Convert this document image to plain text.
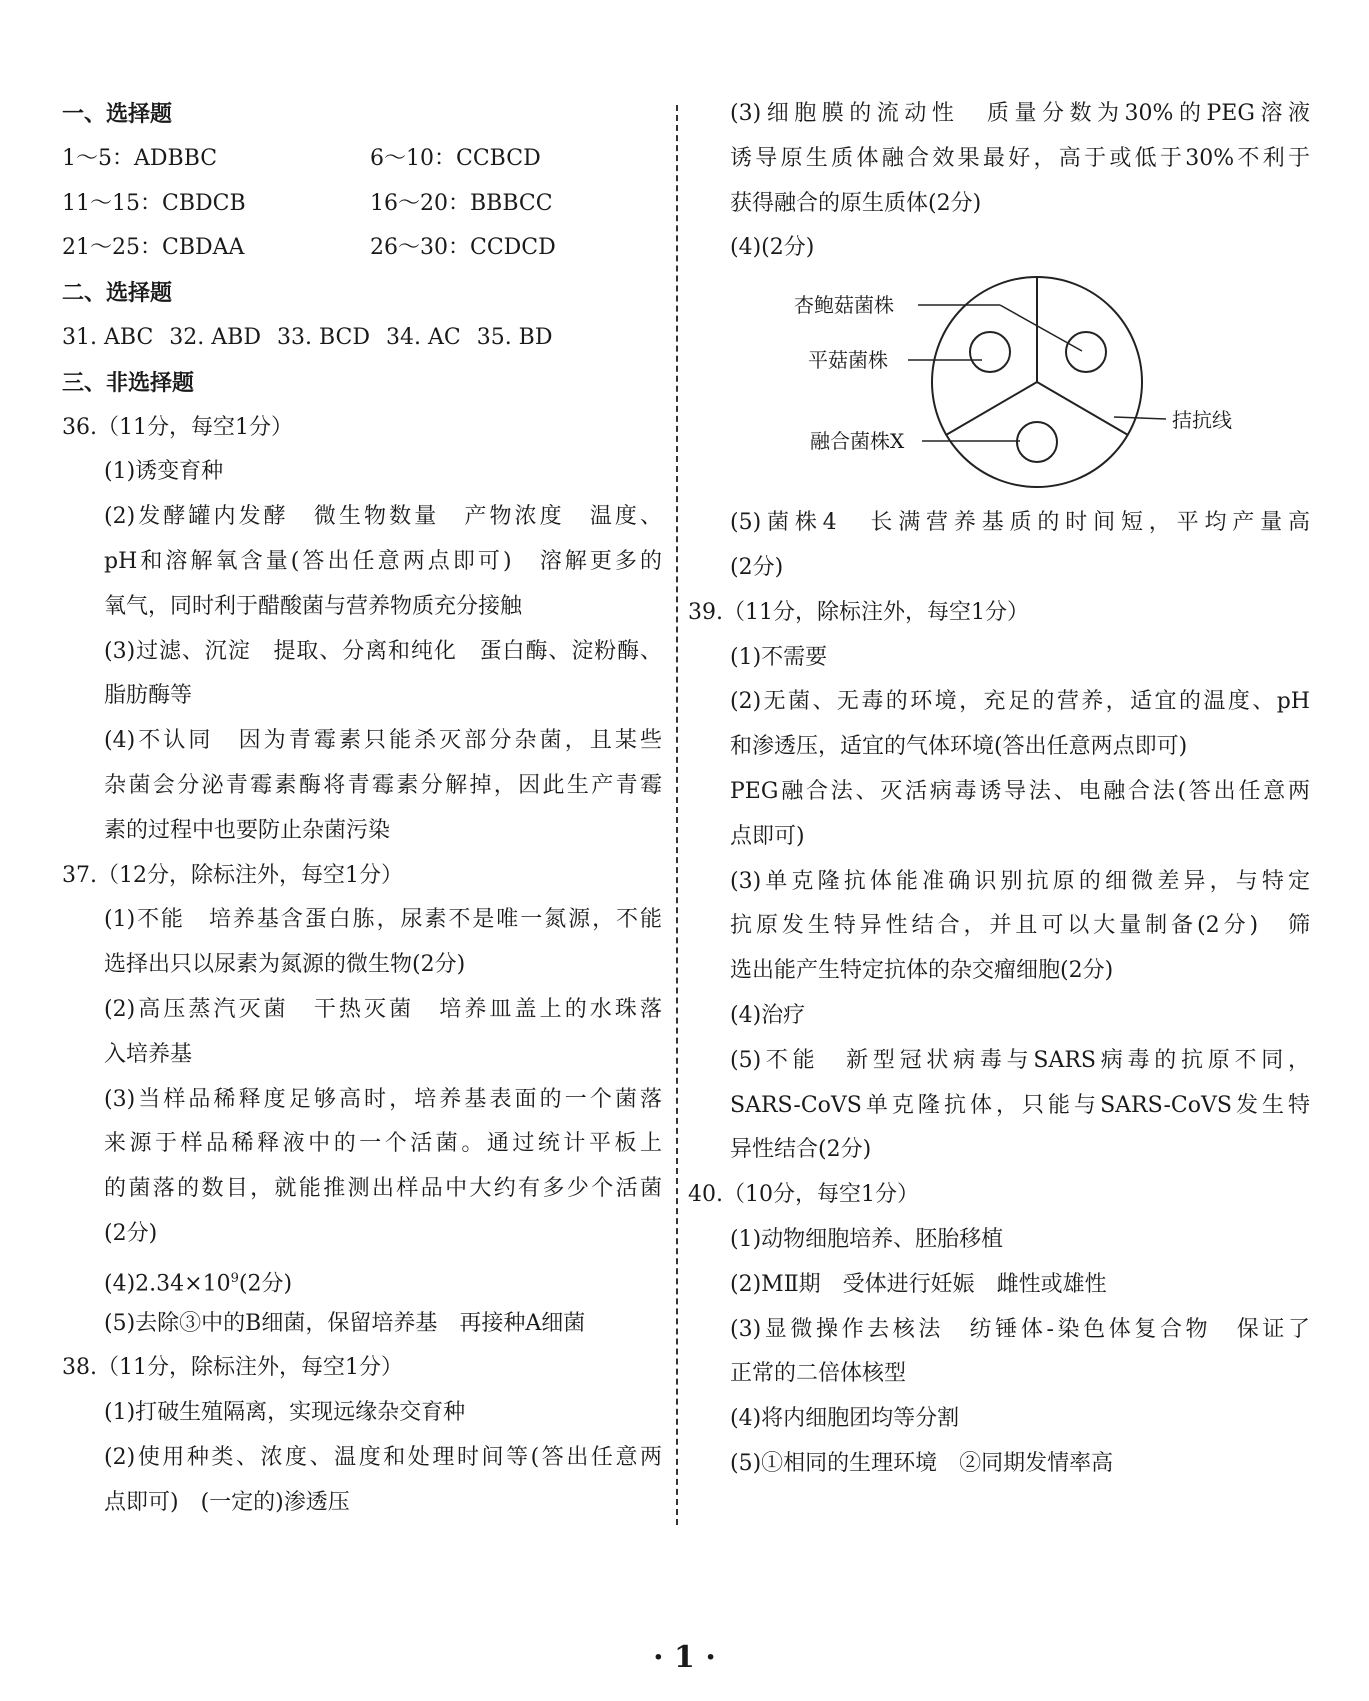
一、选择题
1～5：ADBBC	6～10：CCBCD
11～15：CBDCB	16～20：BBBCC
21～25：CBDAA	26～30：CCDCD
二、选择题
31. ABC 32. ABD 33. BCD 34. AC 35. BD
三、非选择题
36.（11分，每空1分）
(1)诱变育种
(2)发酵罐内发酵　微生物数量　产物浓度　温度、
pH和溶解氧含量(答出任意两点即可)　溶解更多的
氧气，同时利于醋酸菌与营养物质充分接触
(3)过滤、沉淀　提取、分离和纯化　蛋白酶、淀粉酶、
脂肪酶等
(4)不认同　因为青霉素只能杀灭部分杂菌，且某些
杂菌会分泌青霉素酶将青霉素分解掉，因此生产青霉
素的过程中也要防止杂菌污染
37.（12分，除标注外，每空1分）
(1)不能　培养基含蛋白胨，尿素不是唯一氮源，不能
选择出只以尿素为氮源的微生物(2分)
(2)高压蒸汽灭菌　干热灭菌　培养皿盖上的水珠落
入培养基
(3)当样品稀释度足够高时，培养基表面的一个菌落
来源于样品稀释液中的一个活菌。通过统计平板上
的菌落的数目，就能推测出样品中大约有多少个活菌
(2分)
$(4)2.34\times 10^9(2$分)
(5)去除③中的B细菌，保留培养基　再接种A细菌
38.（11分，除标注外，每空1分）
(1)打破生殖隔离，实现远缘杂交育种
(2)使用种类、浓度、温度和处理时间等(答出任意两
点即可)　(一定的)渗透压
(3)细胞膜的流动性　质量分数为30%的PEG溶液
诱导原生质体融合效果最好，高于或低于30%不利于
获得融合的原生质体(2分)
(4)(2分)
杏鲍菇菌株
平菇菌株
融合菌株X
拮抗线
(5)菌株4　长满营养基质的时间短，平均产量高
(2分)
39.（11分，除标注外，每空1分）
(1)不需要
(2)无菌、无毒的环境，充足的营养，适宜的温度、pH
和渗透压，适宜的气体环境(答出任意两点即可)
PEG融合法、灭活病毒诱导法、电融合法(答出任意两
点即可)
(3)单克隆抗体能准确识别抗原的细微差异，与特定
抗原发生特异性结合，并且可以大量制备(2分)　筛
选出能产生特定抗体的杂交瘤细胞(2分)
(4)治疗
(5)不能　新型冠状病毒与SARS病毒的抗原不同，
SARS-CoVS单克隆抗体，只能与SARS-CoVS发生特
异性结合(2分)
40.（10分，每空1分）
(1)动物细胞培养、胚胎移植
(2)MⅡ期　受体进行妊娠　雌性或雄性
(3)显微操作去核法　纺锤体-染色体复合物　保证了
正常的二倍体核型
(4)将内细胞团均等分割
(5)①相同的生理环境　②同期发情率高
· 1 ·
